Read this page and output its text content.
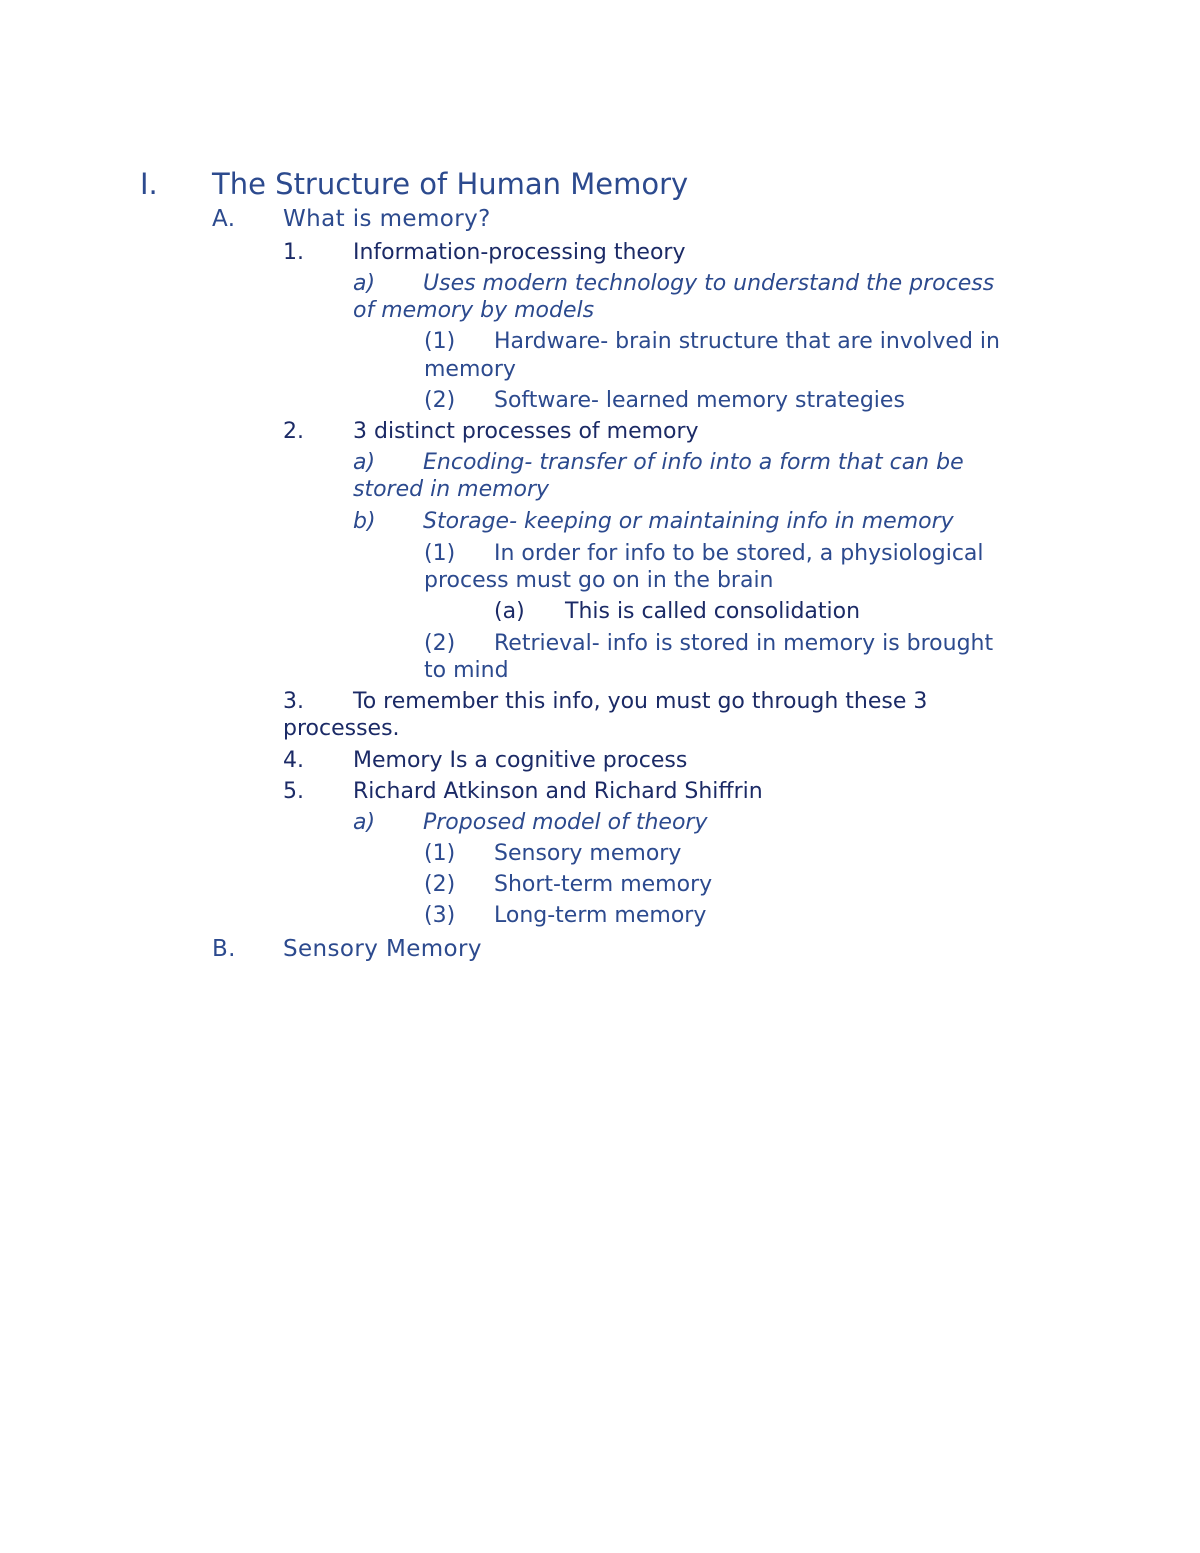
I. The Structure of Human Memory
A. What is memory?
1. Information-processing theory
a) Uses modern technology to understand the process
of memory by models
(1) Hardware- brain structure that are involved in
memory
(2) Software- learned memory strategies
2. 3 distinct processes of memory
a) Encoding- transfer of info into a form that can be
stored in memory
b) Storage- keeping or maintaining info in memory
(1) In order for info to be stored, a physiological
process must go on in the brain
(a) This is called consolidation
(2) Retrieval- info is stored in memory is brought
to mind
3. To remember this info, you must go through these 3
processes.
4. Memory Is a cognitive process
5. Richard Atkinson and Richard Shiffrin
a) Proposed model of theory
(1) Sensory memory
(2) Short-term memory
(3) Long-term memory
B. Sensory Memory
